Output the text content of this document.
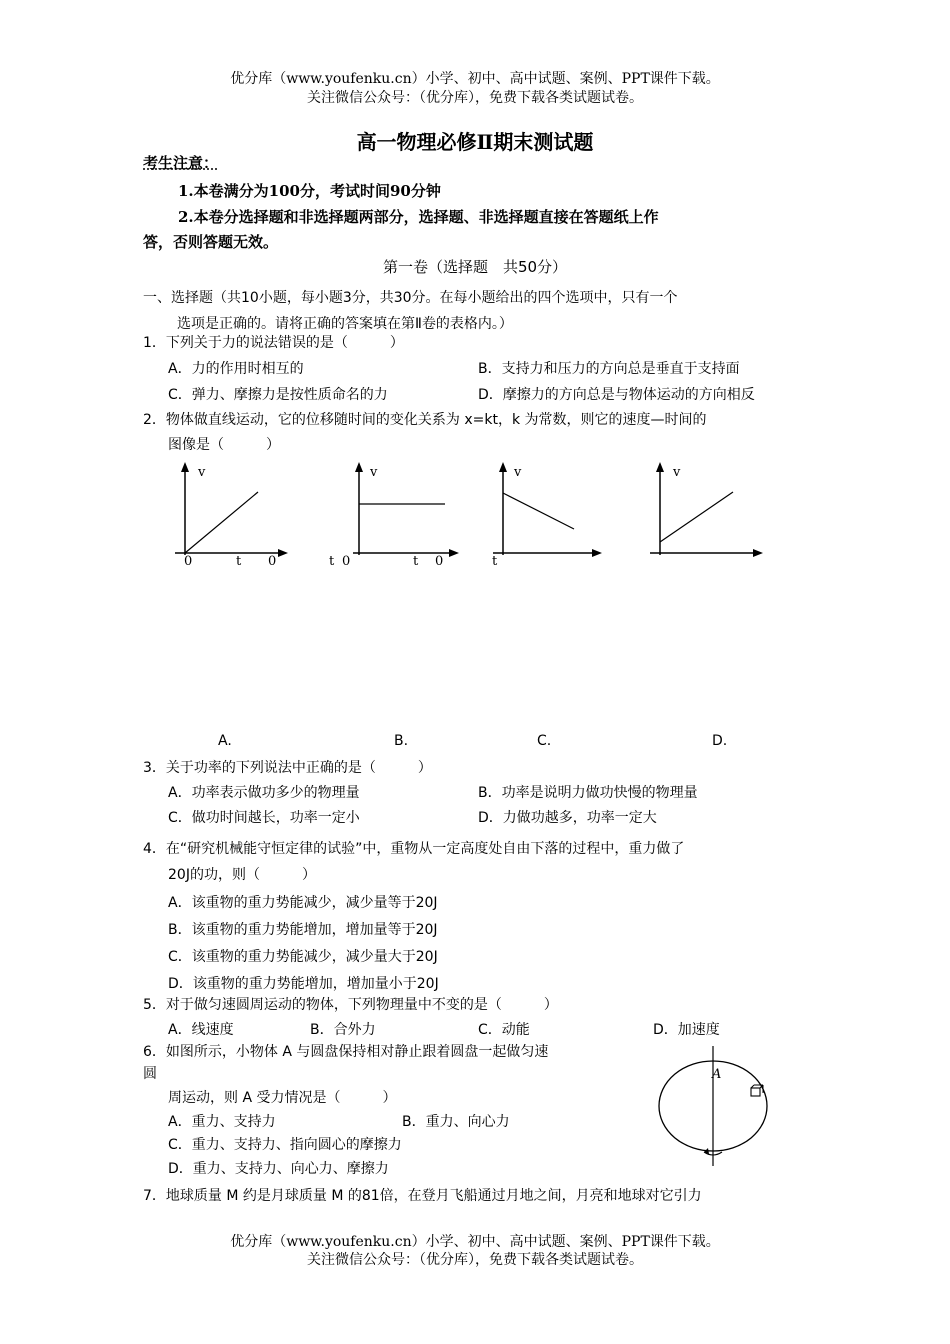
优分库（www.youfenku.cn）小学、初中、高中试题、案例、PPT课件下载。
关注微信公众号：（优分库），免费下载各类试题试卷。
高一物理必修Ⅱ期末测试题
考生注意：
1.本卷满分为100分，考试时间90分钟
2.本卷分选择题和非选择题两部分，选择题、非选择题直接在答题纸上作
答，否则答题无效。
第一卷（选择题　共50分）
一、选择题（共10小题，每小题3分，共30分。在每小题给出的四个选项中，只有一个
选项是正确的。请将正确的答案填在第Ⅱ卷的表格内。）
1．下列关于力的说法错误的是（　　　）
A．力的作用时相互的	B．支持力和压力的方向总是垂直于支持面
C．弹力、摩擦力是按性质命名的力	D．摩擦力的方向总是与物体运动的方向相反
2．物体做直线运动，它的位移随时间的变化关系为 x=kt，k 为常数，则它的速度—时间的
图像是（　　　）
v
0	t 0
v
t 0	t 0
v
t
v
A.	B.	C.	D.
3．关于功率的下列说法中正确的是（　　　）
A．功率表示做功多少的物理量	B．功率是说明力做功快慢的物理量
C．做功时间越长，功率一定小	D．力做功越多，功率一定大
4．在“研究机械能守恒定律的试验”中，重物从一定高度处自由下落的过程中，重力做了
20J的功，则（　　　）
A．该重物的重力势能减少，减少量等于20J
B．该重物的重力势能增加，增加量等于20J
C．该重物的重力势能减少，减少量大于20J
D．该重物的重力势能增加，增加量小于20J
5．对于做匀速圆周运动的物体，下列物理量中不变的是（　　　）
A．线速度	B．合外力	C．动能	D．加速度
6．如图所示，小物体 A 与圆盘保持相对静止跟着圆盘一起做匀速
圆
周运动，则 A 受力情况是（　　　）
A．重力、支持力	B．重力、向心力
C．重力、支持力、指向圆心的摩擦力
D．重力、支持力、向心力、摩擦力
A
7．地球质量 M 约是月球质量 M 的81倍，在登月飞船通过月地之间，月亮和地球对它引力
优分库（www.youfenku.cn）小学、初中、高中试题、案例、PPT课件下载。
关注微信公众号：（优分库），免费下载各类试题试卷。
